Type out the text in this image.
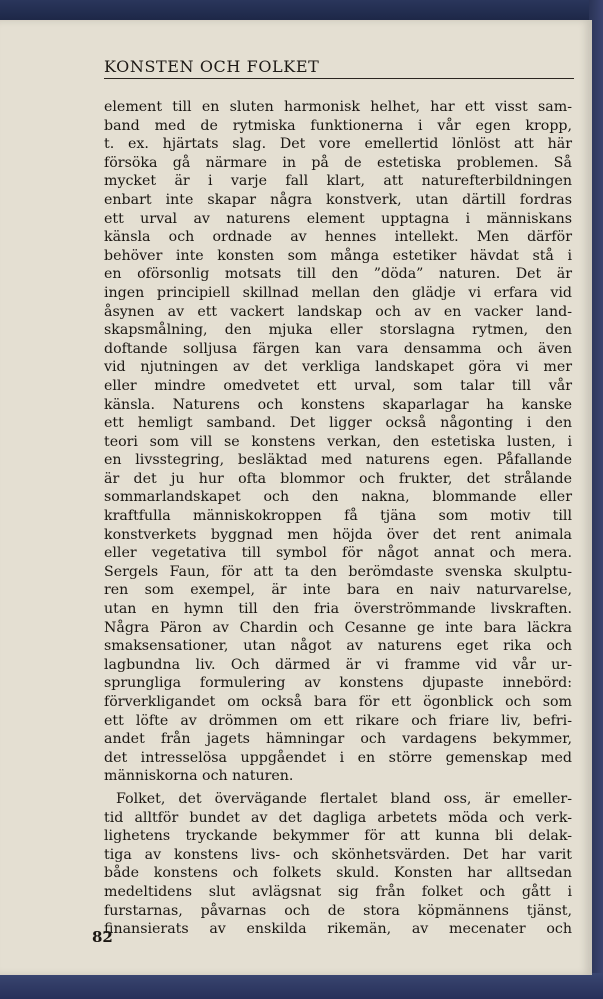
KONSTEN OCH FOLKET
element till en sluten harmonisk helhet, har ett visst sam-
band med de rytmiska funktionerna i vår egen kropp,
t. ex. hjärtats slag. Det vore emellertid lönlöst att här
försöka gå närmare in på de estetiska problemen. Så
mycket är i varje fall klart, att naturefterbildningen
enbart inte skapar några konstverk, utan därtill fordras
ett urval av naturens element upptagna i människans
känsla och ordnade av hennes intellekt. Men därför
behöver inte konsten som många estetiker hävdat stå i
en oförsonlig motsats till den ”döda” naturen. Det är
ingen principiell skillnad mellan den glädje vi erfara vid
åsynen av ett vackert landskap och av en vacker land-
skapsmålning, den mjuka eller storslagna rytmen, den
doftande solljusa färgen kan vara densamma och även
vid njutningen av det verkliga landskapet göra vi mer
eller mindre omedvetet ett urval, som talar till vår
känsla. Naturens och konstens skaparlagar ha kanske
ett hemligt samband. Det ligger också någonting i den
teori som vill se konstens verkan, den estetiska lusten, i
en livsstegring, besläktad med naturens egen. Påfallande
är det ju hur ofta blommor och frukter, det strålande
sommarlandskapet och den nakna, blommande eller
kraftfulla människokroppen få tjäna som motiv till
konstverkets byggnad men höjda över det rent animala
eller vegetativa till symbol för något annat och mera.
Sergels Faun, för att ta den berömdaste svenska skulptu-
ren som exempel, är inte bara en naiv naturvarelse,
utan en hymn till den fria överströmmande livskraften.
Några Päron av Chardin och Cesanne ge inte bara läckra
smaksensationer, utan något av naturens eget rika och
lagbundna liv. Och därmed är vi framme vid vår ur-
sprungliga formulering av konstens djupaste innebörd:
förverkligandet om också bara för ett ögonblick och som
ett löfte av drömmen om ett rikare och friare liv, befri-
andet från jagets hämningar och vardagens bekymmer,
det intresselösa uppgåendet i en större gemenskap med
människorna och naturen.
Folket, det övervägande flertalet bland oss, är emeller-
tid alltför bundet av det dagliga arbetets möda och verk-
lighetens tryckande bekymmer för att kunna bli delak-
tiga av konstens livs- och skönhetsvärden. Det har varit
både konstens och folkets skuld. Konsten har alltsedan
medeltidens slut avlägsnat sig från folket och gått i
furstarnas, påvarnas och de stora köpmännens tjänst,
finansierats av enskilda rikemän, av mecenater och
82
